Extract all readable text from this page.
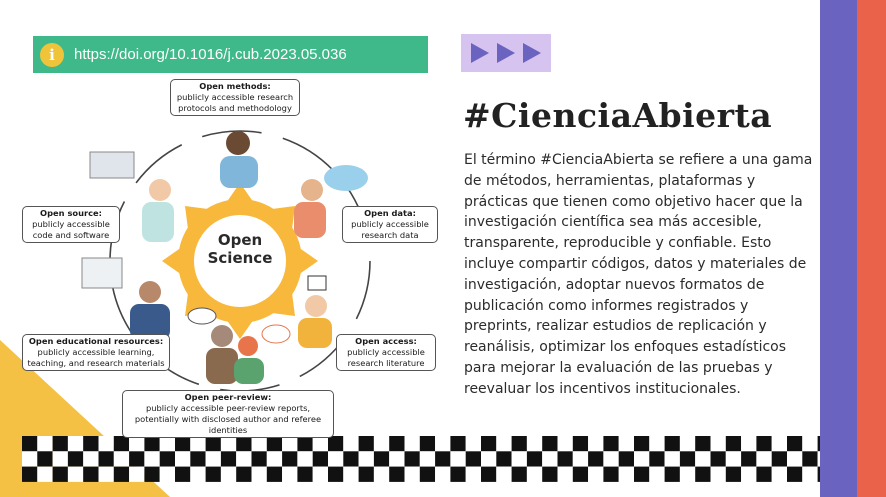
i	https://doi.org/10.1016/j.cub.2023.05.036
#CienciaAbierta

El término #CienciaAbierta se refiere a una gama de métodos, herramientas, plataformas y prácticas que tienen como objetivo hacer que la investigación científica sea más accesible, transparente, reproducible y confiable. Esto incluye compartir códigos, datos y materiales de investigación, adoptar nuevos formatos de publicación como informes registrados y preprints, realizar estudios de replicación y reanálisis, optimizar los enfoques estadísticos para mejorar la evaluación de las pruebas y reevaluar los incentivos institucionales.

Open
Science
Open methods:
publicly accessible research protocols and methodology
Open source:
publicly accessible code and software
Open data:
publicly accessible research data
Open educational resources:
publicly accessible learning, teaching, and research materials
Open access:
publicly accessible research literature
Open peer-review:
publicly accessible peer-review reports, potentially with disclosed author and referee identities
